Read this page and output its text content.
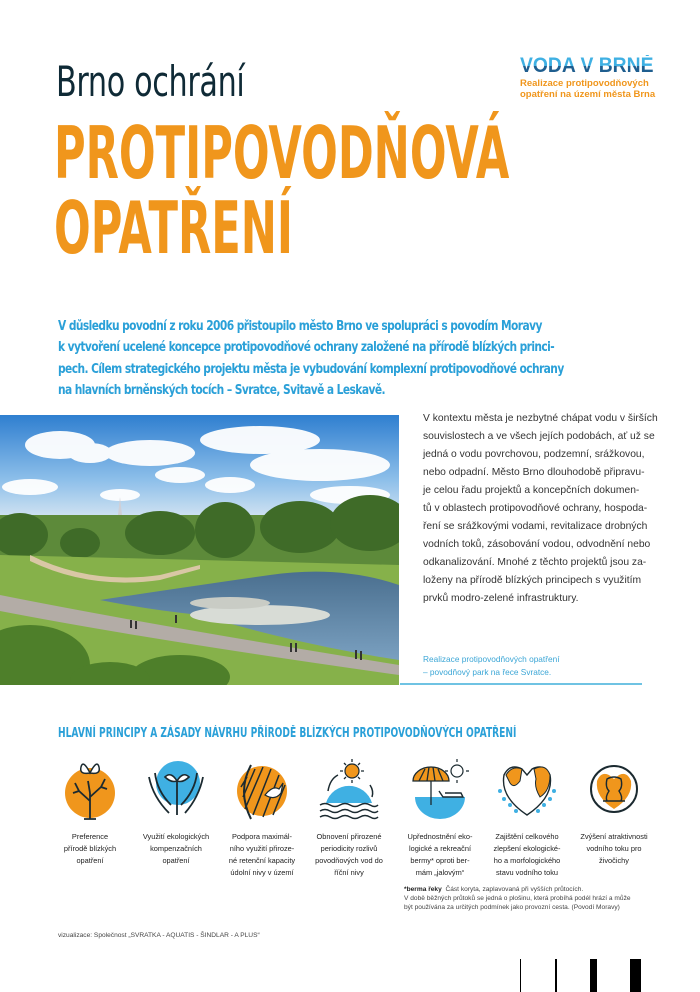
VODA V BRNĚ
Realizace protipovodňových
opatření na území města Brna
Brno ochrání
PROTIPOVODŇOVÁ
OPATŘENÍ
V důsledku povodní z roku 2006 přistoupilo město Brno ve spolupráci s povodím Moravy
k vytvoření ucelené koncepce protipovodňové ochrany založené na přírodě blízkých princi-
pech. Cílem strategického projektu města je vybudování komplexní protipovodňové ochrany
na hlavních brněnských tocích – Svratce, Svitavě a Leskavě.
V kontextu města je nezbytné chápat vodu v širších
souvislostech a ve všech jejích podobách, ať už se
jedná o vodu povrchovou, podzemní, srážkovou,
nebo odpadní. Město Brno dlouhodobě připravu-
je celou řadu projektů a koncepčních dokumen-
tů v oblastech protipovodňové ochrany, hospoda-
ření se srážkovými vodami, revitalizace drobných
vodních toků, zásobování vodou, odvodnění nebo
odkanalizování. Mnohé z těchto projektů jsou za-
loženy na přírodě blízkých principech s využitím
prvků modro-zelené infrastruktury.
Realizace protipovodňových opatření
– povodňový park na řece Svratce.
HLAVNÍ PRINCIPY A ZÁSADY NÁVRHU PŘÍRODĚ BLÍZKÝCH PROTIPOVODŇOVÝCH OPATŘENÍ
Preference
přírodě blízkých
opatření
Využití ekologických
kompenzačních
opatření
Podpora maximál-
ního využití přiroze-
né retenční kapacity
údolní nivy v území
Obnovení přirozené
periodicity rozlivů
povodňových vod do
říční nivy
Upřednostnění eko-
logické a rekreační
bermy* oproti ber-
mám „jalovým“
Zajištění celkového
zlepšení ekologické-
ho a morfologického
stavu vodního toku
Zvýšení atraktivnosti
vodního toku pro
živočichy
*berma řeky Část koryta, zaplavovaná při vyšších průtocích.
V době běžných průtoků se jedná o plošinu, která probíhá podél hrází a může
být používána za určitých podmínek jako provozní cesta. (Povodí Moravy)
vizualizace: Společnost „SVRATKA - AQUATIS - ŠINDLAR - A PLUS“
